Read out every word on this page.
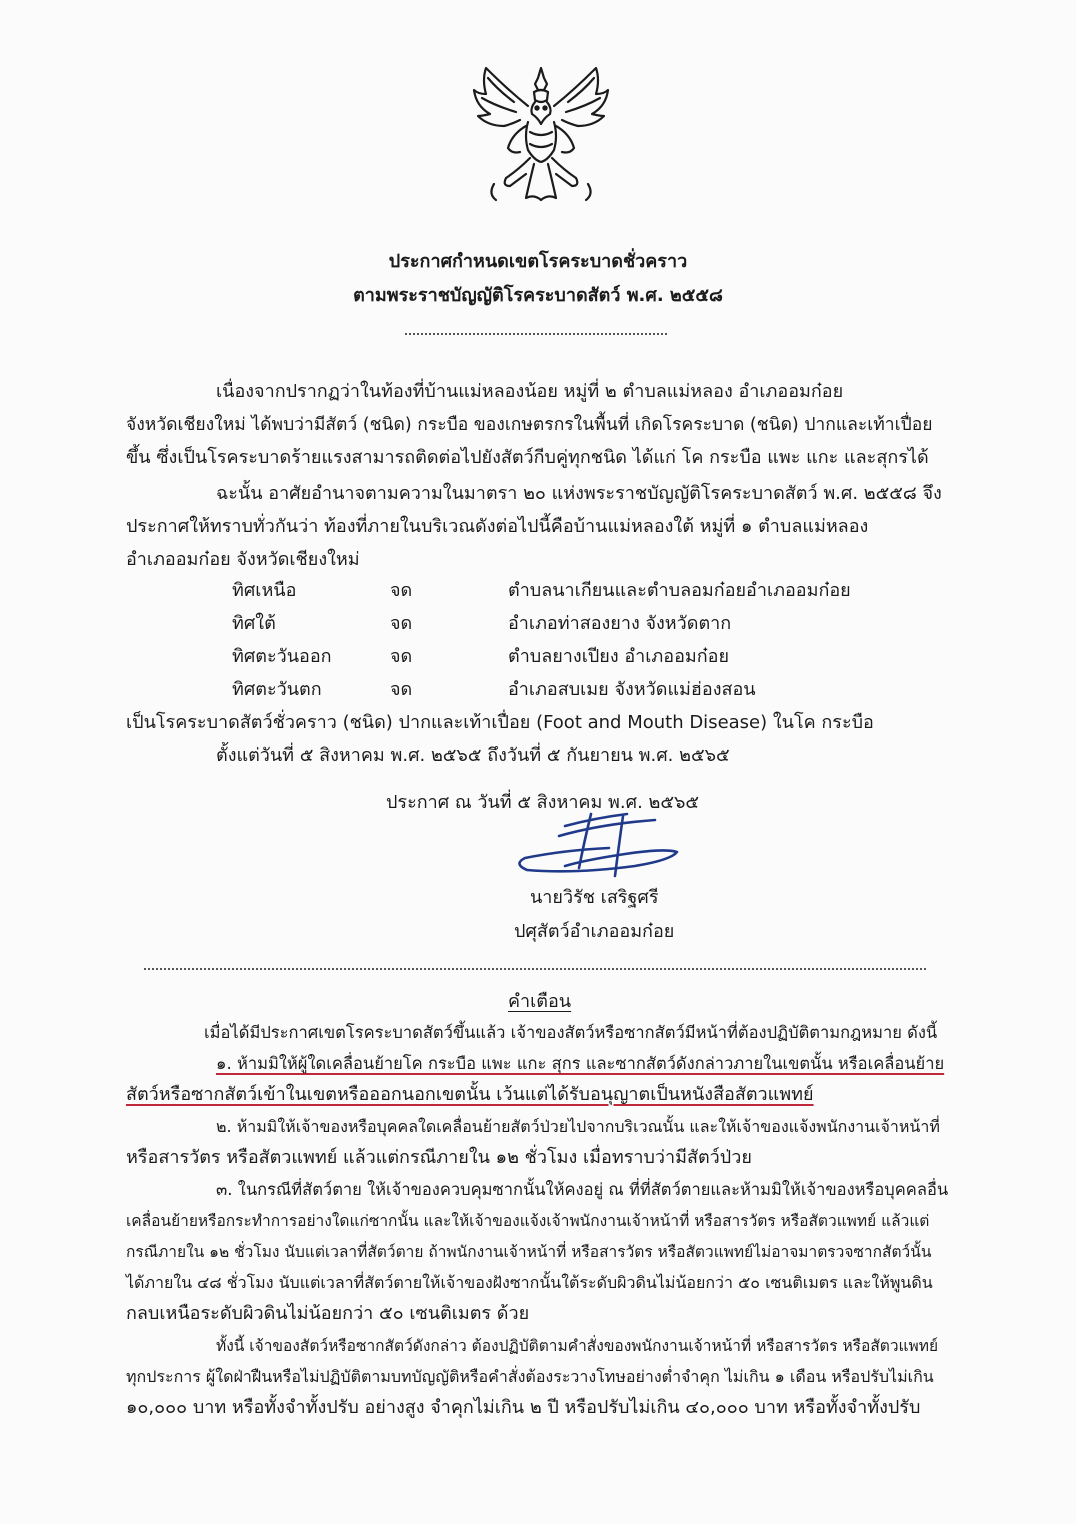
ประกาศกำหนดเขตโรคระบาดชั่วคราว
ตามพระราชบัญญัติโรคระบาดสัตว์ พ.ศ. ๒๕๕๘
เนื่องจากปรากฏว่าในท้องที่บ้านแม่หลองน้อย หมู่ที่ ๒ ตำบลแม่หลอง อำเภออมก๋อย
จังหวัดเชียงใหม่ ได้พบว่ามีสัตว์ (ชนิด) กระบือ ของเกษตรกรในพื้นที่ เกิดโรคระบาด (ชนิด) ปากและเท้าเปื่อย
ขึ้น ซึ่งเป็นโรคระบาดร้ายแรงสามารถติดต่อไปยังสัตว์กีบคู่ทุกชนิด ได้แก่ โค กระบือ แพะ แกะ และสุกรได้
ฉะนั้น อาศัยอำนาจตามความในมาตรา ๒๐ แห่งพระราชบัญญัติโรคระบาดสัตว์ พ.ศ. ๒๕๕๘ จึง
ประกาศให้ทราบทั่วกันว่า ท้องที่ภายในบริเวณดังต่อไปนี้คือบ้านแม่หลองใต้ หมู่ที่ ๑ ตำบลแม่หลอง
อำเภออมก๋อย จังหวัดเชียงใหม่
ทิศเหนือ	จด	ตำบลนาเกียนและตำบลอมก๋อยอำเภออมก๋อย
ทิศใต้	จด	อำเภอท่าสองยาง จังหวัดตาก
ทิศตะวันออก	จด	ตำบลยางเปียง อำเภออมก๋อย
ทิศตะวันตก	จด	อำเภอสบเมย จังหวัดแม่ฮ่องสอน
เป็นโรคระบาดสัตว์ชั่วคราว (ชนิด) ปากและเท้าเปื่อย (Foot and Mouth Disease) ในโค กระบือ
ตั้งแต่วันที่ ๕ สิงหาคม พ.ศ. ๒๕๖๕ ถึงวันที่ ๕ กันยายน พ.ศ. ๒๕๖๕
ประกาศ ณ วันที่ ๕ สิงหาคม พ.ศ. ๒๕๖๕
นายวิรัช เสริฐศรี
ปศุสัตว์อำเภออมก๋อย
คำเตือน
เมื่อได้มีประกาศเขตโรคระบาดสัตว์ขึ้นแล้ว เจ้าของสัตว์หรือซากสัตว์มีหน้าที่ต้องปฏิบัติตามกฎหมาย ดังนี้
๑. ห้ามมิให้ผู้ใดเคลื่อนย้ายโค กระบือ แพะ แกะ สุกร และซากสัตว์ดังกล่าวภายในเขตนั้น หรือเคลื่อนย้าย
สัตว์หรือซากสัตว์เข้าในเขตหรือออกนอกเขตนั้น เว้นแต่ได้รับอนุญาตเป็นหนังสือสัตวแพทย์
๒. ห้ามมิให้เจ้าของหรือบุคคลใดเคลื่อนย้ายสัตว์ป่วยไปจากบริเวณนั้น และให้เจ้าของแจ้งพนักงานเจ้าหน้าที่
หรือสารวัตร หรือสัตวแพทย์ แล้วแต่กรณีภายใน ๑๒ ชั่วโมง เมื่อทราบว่ามีสัตว์ป่วย
๓. ในกรณีที่สัตว์ตาย ให้เจ้าของควบคุมซากนั้นให้คงอยู่ ณ ที่ที่สัตว์ตายและห้ามมิให้เจ้าของหรือบุคคลอื่น
เคลื่อนย้ายหรือกระทำการอย่างใดแก่ซากนั้น และให้เจ้าของแจ้งเจ้าพนักงานเจ้าหน้าที่ หรือสารวัตร หรือสัตวแพทย์ แล้วแต่
กรณีภายใน ๑๒ ชั่วโมง นับแต่เวลาที่สัตว์ตาย ถ้าพนักงานเจ้าหน้าที่ หรือสารวัตร หรือสัตวแพทย์ไม่อาจมาตรวจซากสัตว์นั้น
ได้ภายใน ๔๘ ชั่วโมง นับแต่เวลาที่สัตว์ตายให้เจ้าของฝังซากนั้นใต้ระดับผิวดินไม่น้อยกว่า ๕๐ เซนติเมตร และให้พูนดิน
กลบเหนือระดับผิวดินไม่น้อยกว่า ๕๐ เซนติเมตร ด้วย
ทั้งนี้ เจ้าของสัตว์หรือซากสัตว์ดังกล่าว ต้องปฏิบัติตามคำสั่งของพนักงานเจ้าหน้าที่ หรือสารวัตร หรือสัตวแพทย์
ทุกประการ ผู้ใดฝ่าฝืนหรือไม่ปฏิบัติตามบทบัญญัติหรือคำสั่งต้องระวางโทษอย่างต่ำจำคุก ไม่เกิน ๑ เดือน หรือปรับไม่เกิน
๑๐,๐๐๐ บาท หรือทั้งจำทั้งปรับ อย่างสูง จำคุกไม่เกิน ๒ ปี หรือปรับไม่เกิน ๔๐,๐๐๐ บาท หรือทั้งจำทั้งปรับ
